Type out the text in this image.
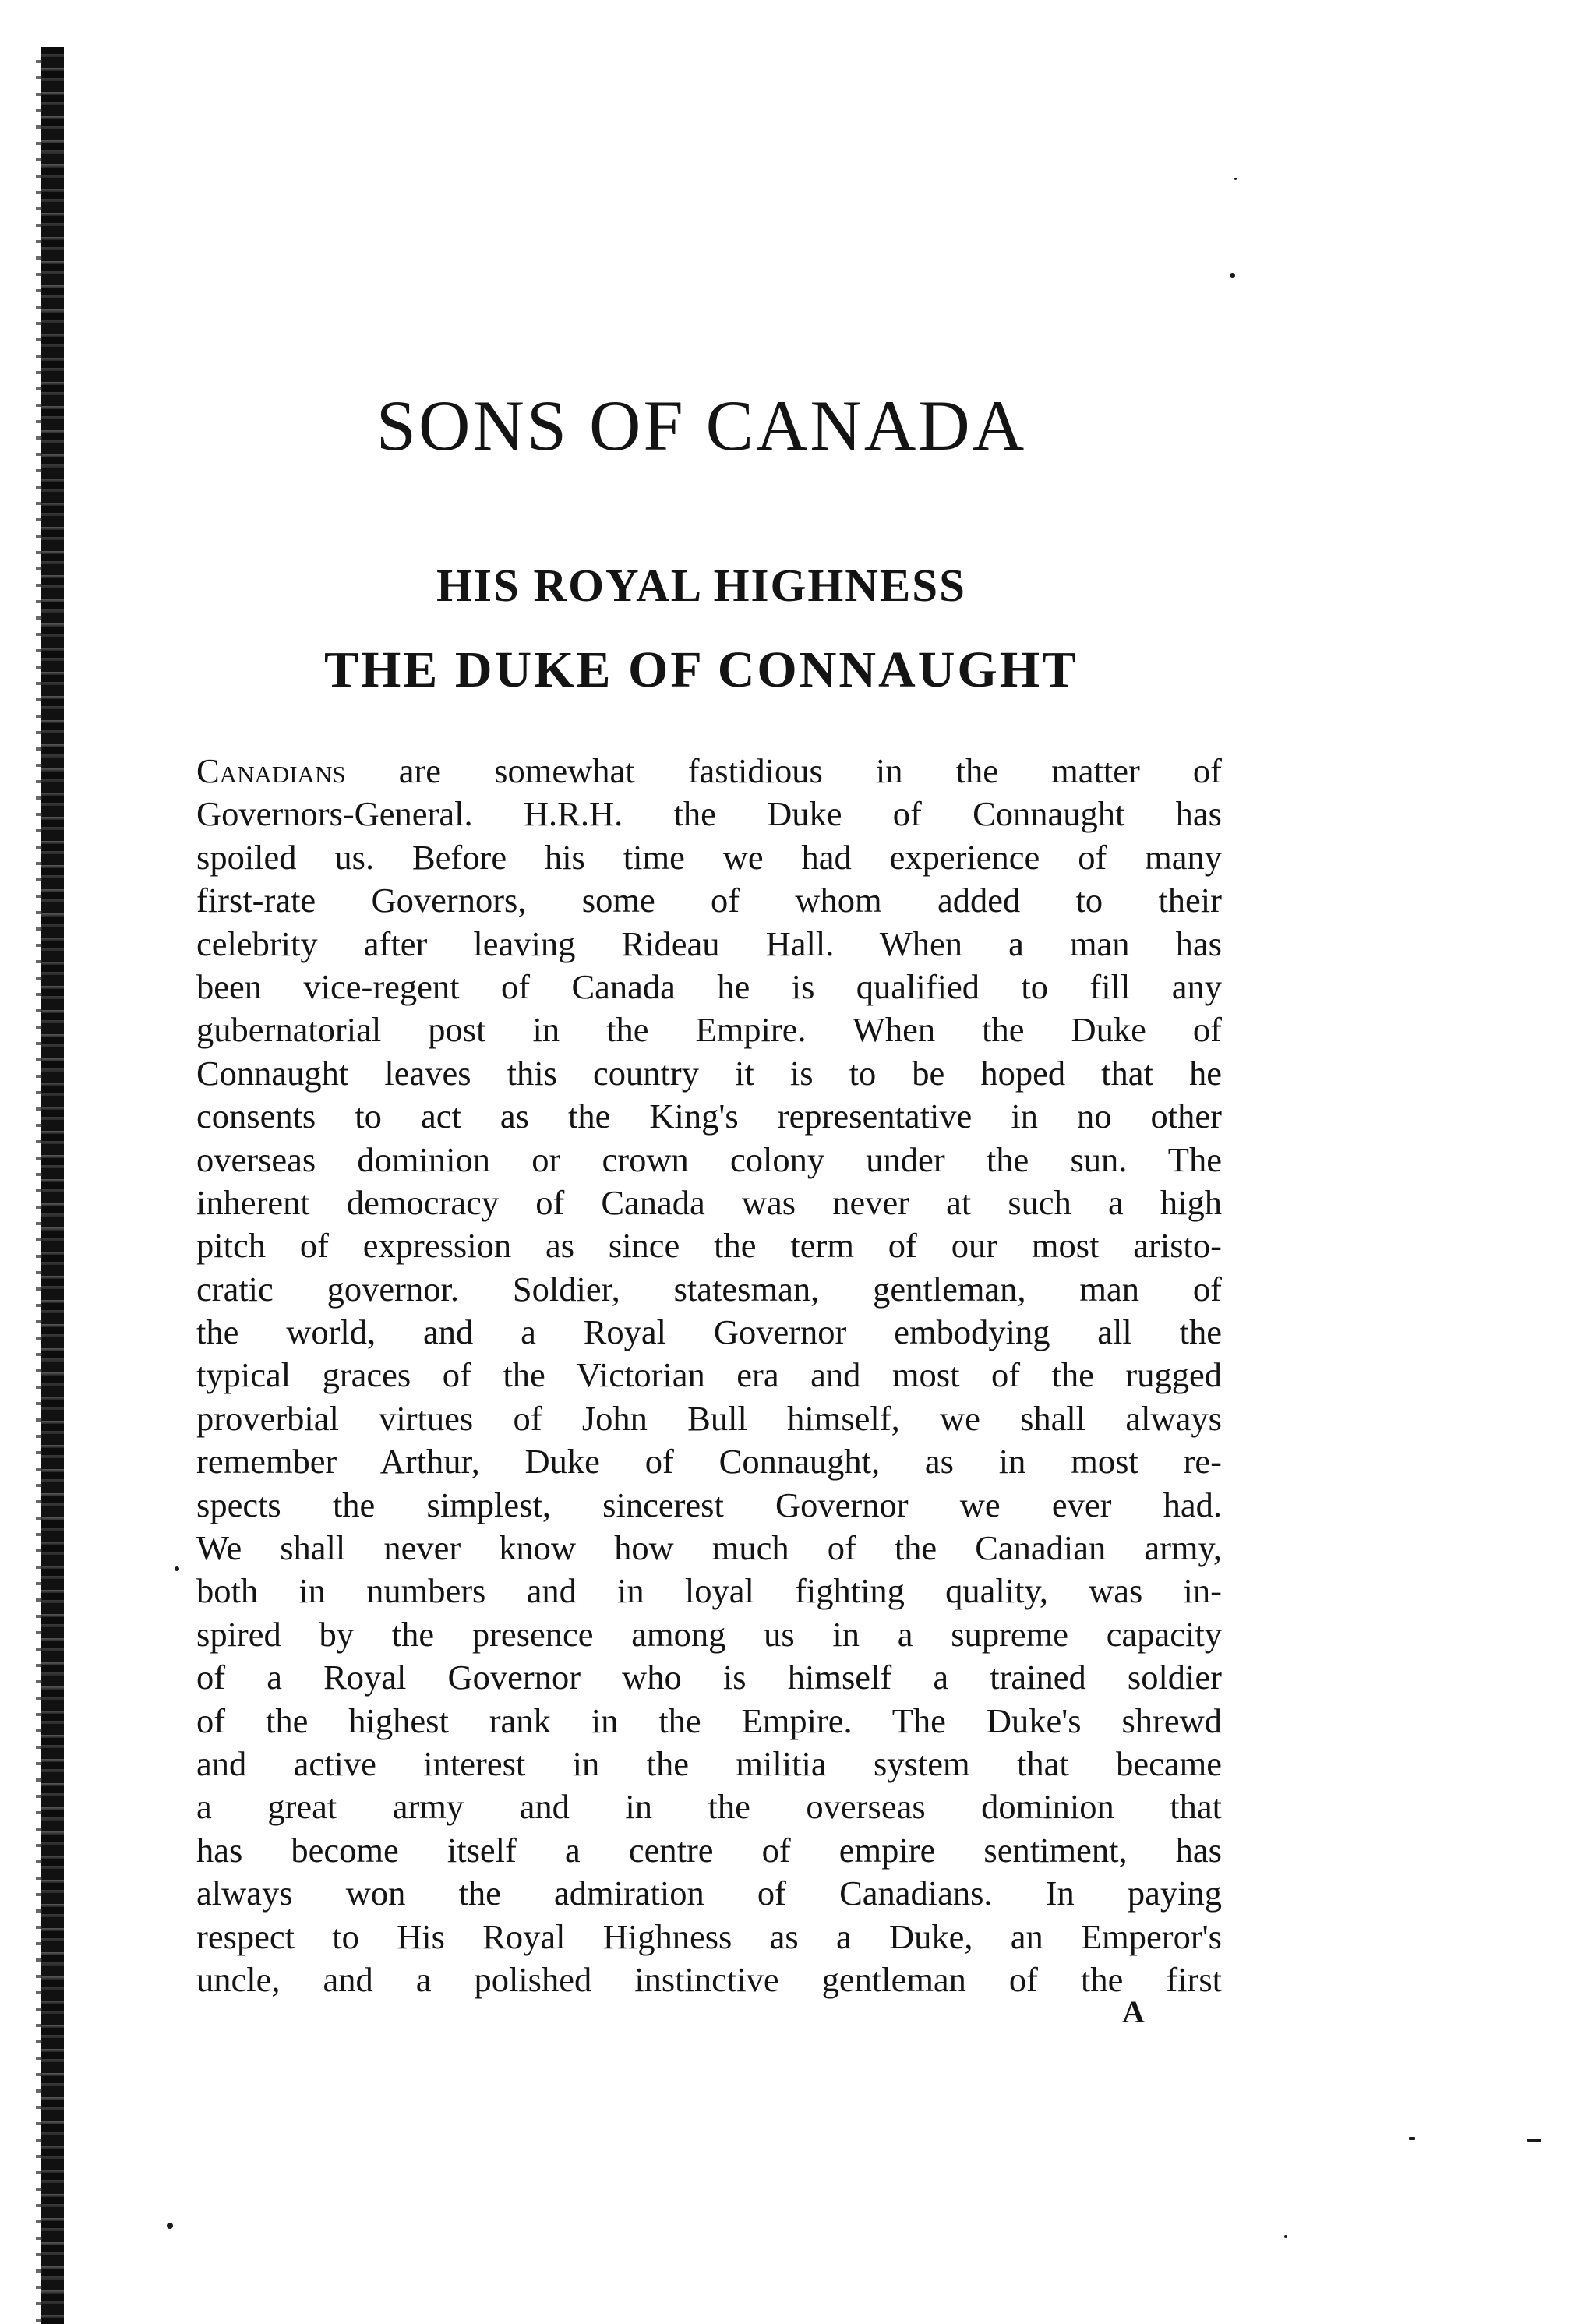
SONS OF CANADA
HIS ROYAL HIGHNESS
THE DUKE OF CONNAUGHT
Canadians are somewhat fastidious in the matter of
Governors-General. H.R.H. the Duke of Connaught has
spoiled us. Before his time we had experience of many
first-rate Governors, some of whom added to their
celebrity after leaving Rideau Hall. When a man has
been vice-regent of Canada he is qualified to fill any
gubernatorial post in the Empire. When the Duke of
Connaught leaves this country it is to be hoped that he
consents to act as the King's representative in no other
overseas dominion or crown colony under the sun. The
inherent democracy of Canada was never at such a high
pitch of expression as since the term of our most aristo-
cratic governor. Soldier, statesman, gentleman, man of
the world, and a Royal Governor embodying all the
typical graces of the Victorian era and most of the rugged
proverbial virtues of John Bull himself, we shall always
remember Arthur, Duke of Connaught, as in most re-
spects the simplest, sincerest Governor we ever had.
We shall never know how much of the Canadian army,
both in numbers and in loyal fighting quality, was in-
spired by the presence among us in a supreme capacity
of a Royal Governor who is himself a trained soldier
of the highest rank in the Empire. The Duke's shrewd
and active interest in the militia system that became
a great army and in the overseas dominion that
has become itself a centre of empire sentiment, has
always won the admiration of Canadians. In paying
respect to His Royal Highness as a Duke, an Emperor's
uncle, and a polished instinctive gentleman of the first
A
